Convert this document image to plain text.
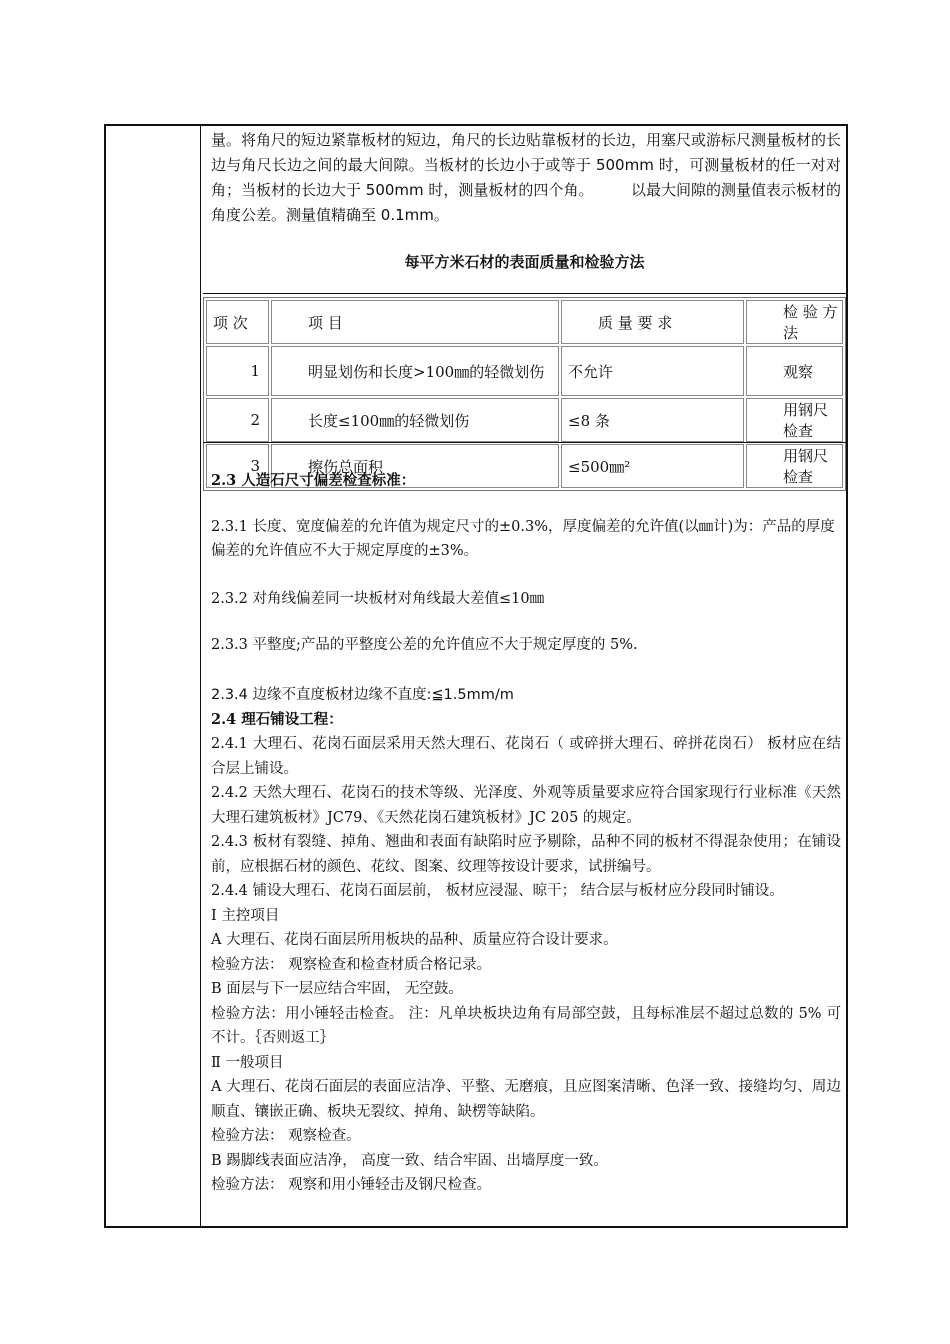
量。将角尺的短边紧靠板材的短边，角尺的长边贴靠板材的长边，用塞尺或游标尺测量板材的长边与角尺长边之间的最大间隙。当板材的长边小于或等于 500mm 时，可测量板材的任一对对角；当板材的长边大于 500mm 时，测量板材的四个角。　　　以最大间隙的测量值表示板材的角度公差。测量值精确至 0.1mm。
每平方米石材的表面质量和检验方法
项 次	项 目	质 量 要 求	检 验 方 法
1	明显划伤和长度>100㎜的轻微划伤	不允许	观察
2	长度≤100㎜的轻微划伤	≤8 条	用钢尺检查
3	擦伤总面积	≤500㎜²	用钢尺检查
2.3 人造石尺寸偏差检查标准：
2.3.1 长度、宽度偏差的允许值为规定尺寸的±0.3%，厚度偏差的允许值(以㎜计)为：产品的厚度偏差的允许值应不大于规定厚度的±3%。
2.3.2 对角线偏差同一块板材对角线最大差值≤10㎜
2.3.3 平整度;产品的平整度公差的允许值应不大于规定厚度的 5%.
2.3.4 边缘不直度板材边缘不直度:≦1.5mm/m
2.4 理石铺设工程：
2.4.1 大理石、花岗石面层采用天然大理石、花岗石（ 或碎拼大理石、碎拼花岗石） 板材应在结合层上铺设。
2.4.2 天然大理石、花岗石的技术等级、光泽度、外观等质量要求应符合国家现行行业标准《天然大理石建筑板材》JC79、《天然花岗石建筑板材》JC 205 的规定。
2.4.3 板材有裂缝、掉角、翘曲和表面有缺陷时应予剔除，品种不同的板材不得混杂使用；在铺设前，应根据石材的颜色、花纹、图案、纹理等按设计要求，试拼编号。
2.4.4 铺设大理石、花岗石面层前， 板材应浸湿、晾干； 结合层与板材应分段同时铺设。
Ⅰ 主控项目
A 大理石、花岗石面层所用板块的品种、质量应符合设计要求。
检验方法： 观察检查和检查材质合格记录。
B 面层与下一层应结合牢固， 无空鼓。
检验方法：用小锤轻击检查。 注：凡单块板块边角有局部空鼓，且每标准层不超过总数的 5% 可不计。｛否则返工｝
Ⅱ 一般项目
A 大理石、花岗石面层的表面应洁净、平整、无磨痕，且应图案清晰、色泽一致、接缝均匀、周边顺直、镶嵌正确、板块无裂纹、掉角、缺楞等缺陷。
检验方法： 观察检查。
B 踢脚线表面应洁净， 高度一致、结合牢固、出墙厚度一致。
检验方法： 观察和用小锤轻击及钢尺检查。
